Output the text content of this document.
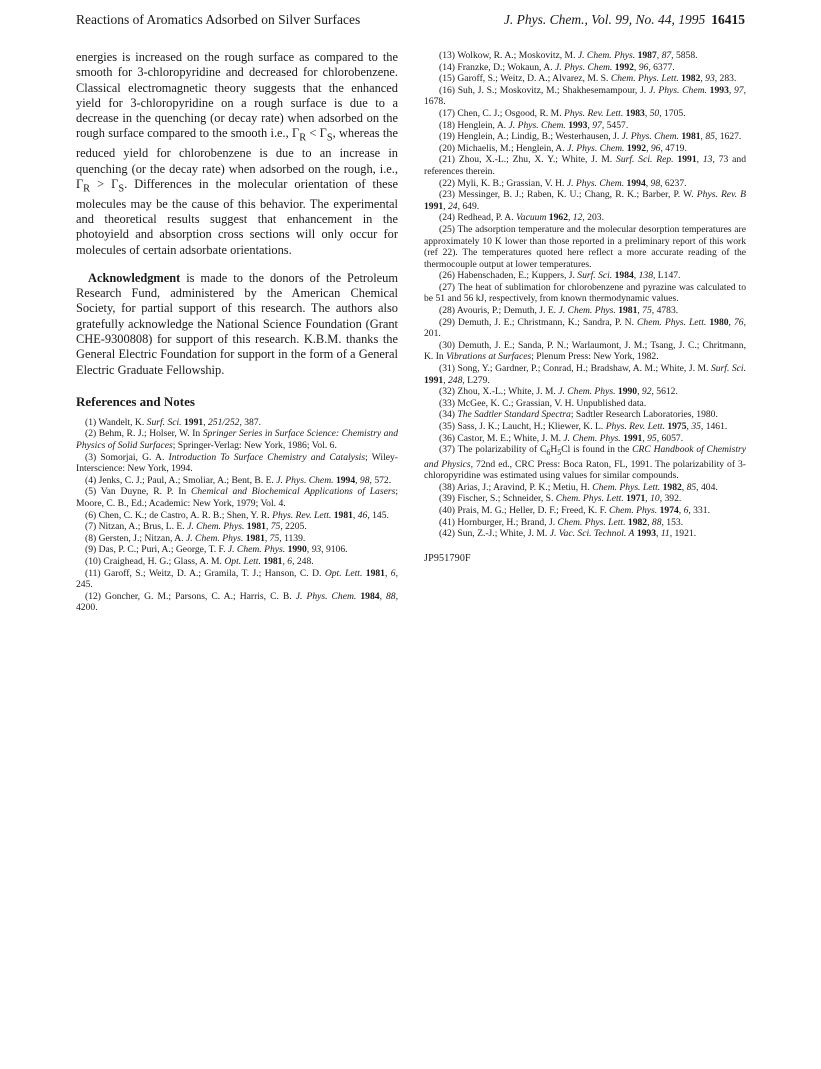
Reactions of Aromatics Adsorbed on Silver Surfaces	J. Phys. Chem., Vol. 99, No. 44, 1995 16415

energies is increased on the rough surface as compared to the smooth for 3-chloropyridine and decreased for chlorobenzene. Classical electromagnetic theory suggests that the enhanced yield for 3-chloropyridine on a rough surface is due to a decrease in the quenching (or decay rate) when adsorbed on the rough surface compared to the smooth i.e., $\Gamma_R < \Gamma_S$, whereas the reduced yield for chlorobenzene is due to an increase in quenching (or the decay rate) when adsorbed on the rough, i.e., $\Gamma_R > \Gamma_S$. Differences in the molecular orientation of these molecules may be the cause of this behavior. The experimental and theoretical results suggest that enhancement in the photoyield and absorption cross sections will only occur for molecules of certain adsorbate orientations.

Acknowledgment is made to the donors of the Petroleum Research Fund, administered by the American Chemical Society, for partial support of this research. The authors also gratefully acknowledge the National Science Foundation (Grant CHE-9300808) for support of this research. K.B.M. thanks the General Electric Foundation for support in the form of a General Electric Graduate Fellowship.

References and Notes

(1) Wandelt, K. Surf. Sci. 1991, 251/252, 387.

(2) Behm, R. J.; Holser, W. In Springer Series in Surface Science: Chemistry and Physics of Solid Surfaces; Springer-Verlag: New York, 1986; Vol. 6.

(3) Somorjai, G. A. Introduction To Surface Chemistry and Catalysis; Wiley-Interscience: New York, 1994.

(4) Jenks, C. J.; Paul, A.; Smoliar, A.; Bent, B. E. J. Phys. Chem. 1994, 98, 572.

(5) Van Duyne, R. P. In Chemical and Biochemical Applications of Lasers; Moore, C. B., Ed.; Academic: New York, 1979; Vol. 4.

(6) Chen, C. K.; de Castro, A. R. B.; Shen, Y. R. Phys. Rev. Lett. 1981, 46, 145.

(7) Nitzan, A.; Brus, L. E. J. Chem. Phys. 1981, 75, 2205.

(8) Gersten, J.; Nitzan, A. J. Chem. Phys. 1981, 75, 1139.

(9) Das, P. C.; Puri, A.; George, T. F. J. Chem. Phys. 1990, 93, 9106.

(10) Craighead, H. G.; Glass, A. M. Opt. Lett. 1981, 6, 248.

(11) Garoff, S.; Weitz, D. A.; Gramila, T. J.; Hanson, C. D. Opt. Lett. 1981, 6, 245.

(12) Goncher, G. M.; Parsons, C. A.; Harris, C. B. J. Phys. Chem. 1984, 88, 4200.

(13) Wolkow, R. A.; Moskovitz, M. J. Chem. Phys. 1987, 87, 5858.

(14) Franzke, D.; Wokaun, A. J. Phys. Chem. 1992, 96, 6377.

(15) Garoff, S.; Weitz, D. A.; Alvarez, M. S. Chem. Phys. Lett. 1982, 93, 283.

(16) Suh, J. S.; Moskovitz, M.; Shakhesemampour, J. J. Phys. Chem. 1993, 97, 1678.

(17) Chen, C. J.; Osgood, R. M. Phys. Rev. Lett. 1983, 50, 1705.

(18) Henglein, A. J. Phys. Chem. 1993, 97, 5457.

(19) Henglein, A.; Lindig, B.; Westerhausen, J. J. Phys. Chem. 1981, 85, 1627.

(20) Michaelis, M.; Henglein, A. J. Phys. Chem. 1992, 96, 4719.

(21) Zhou, X.-L.; Zhu, X. Y.; White, J. M. Surf. Sci. Rep. 1991, 13, 73 and references therein.

(22) Myli, K. B.; Grassian, V. H. J. Phys. Chem. 1994, 98, 6237.

(23) Messinger, B. J.; Raben, K. U.; Chang, R. K.; Barber, P. W. Phys. Rev. B 1991, 24, 649.

(24) Redhead, P. A. Vacuum 1962, 12, 203.

(25) The adsorption temperature and the molecular desorption temperatures are approximately 10 K lower than those reported in a preliminary report of this work (ref 22). The temperatures quoted here reflect a more accurate reading of the thermocouple output at lower temperatures.

(26) Habenschaden, E.; Kuppers, J. Surf. Sci. 1984, 138, L147.

(27) The heat of sublimation for chlorobenzene and pyrazine was calculated to be 51 and 56 kJ, respectively, from known thermodynamic values.

(28) Avouris, P.; Demuth, J. E. J. Chem. Phys. 1981, 75, 4783.

(29) Demuth, J. E.; Christmann, K.; Sandra, P. N. Chem. Phys. Lett. 1980, 76, 201.

(30) Demuth, J. E.; Sanda, P. N.; Warlaumont, J. M.; Tsang, J. C.; Chritmann, K. In Vibrations at Surfaces; Plenum Press: New York, 1982.

(31) Song, Y.; Gardner, P.; Conrad, H.; Bradshaw, A. M.; White, J. M. Surf. Sci. 1991, 248, L279.

(32) Zhou, X.-L.; White, J. M. J. Chem. Phys. 1990, 92, 5612.

(33) McGee, K. C.; Grassian, V. H. Unpublished data.

(34) The Sadtler Standard Spectra; Sadtler Research Laboratories, 1980.

(35) Sass, J. K.; Laucht, H.; Kliewer, K. L. Phys. Rev. Lett. 1975, 35, 1461.

(36) Castor, M. E.; White, J. M. J. Chem. Phys. 1991, 95, 6057.

(37) The polarizability of $C_6H_5Cl$ is found in the CRC Handbook of Chemistry and Physics, 72nd ed., CRC Press: Boca Raton, FL, 1991. The polarizability of 3-chloropyridine was estimated using values for similar compounds.

(38) Arias, J.; Aravind, P. K.; Metiu, H. Chem. Phys. Lett. 1982, 85, 404.

(39) Fischer, S.; Schneider, S. Chem. Phys. Lett. 1971, 10, 392.

(40) Prais, M. G.; Heller, D. F.; Freed, K. F. Chem. Phys. 1974, 6, 331.

(41) Hornburger, H.; Brand, J. Chem. Phys. Lett. 1982, 88, 153.

(42) Sun, Z.-J.; White, J. M. J. Vac. Sci. Technol. A 1993, 11, 1921.

JP951790F
